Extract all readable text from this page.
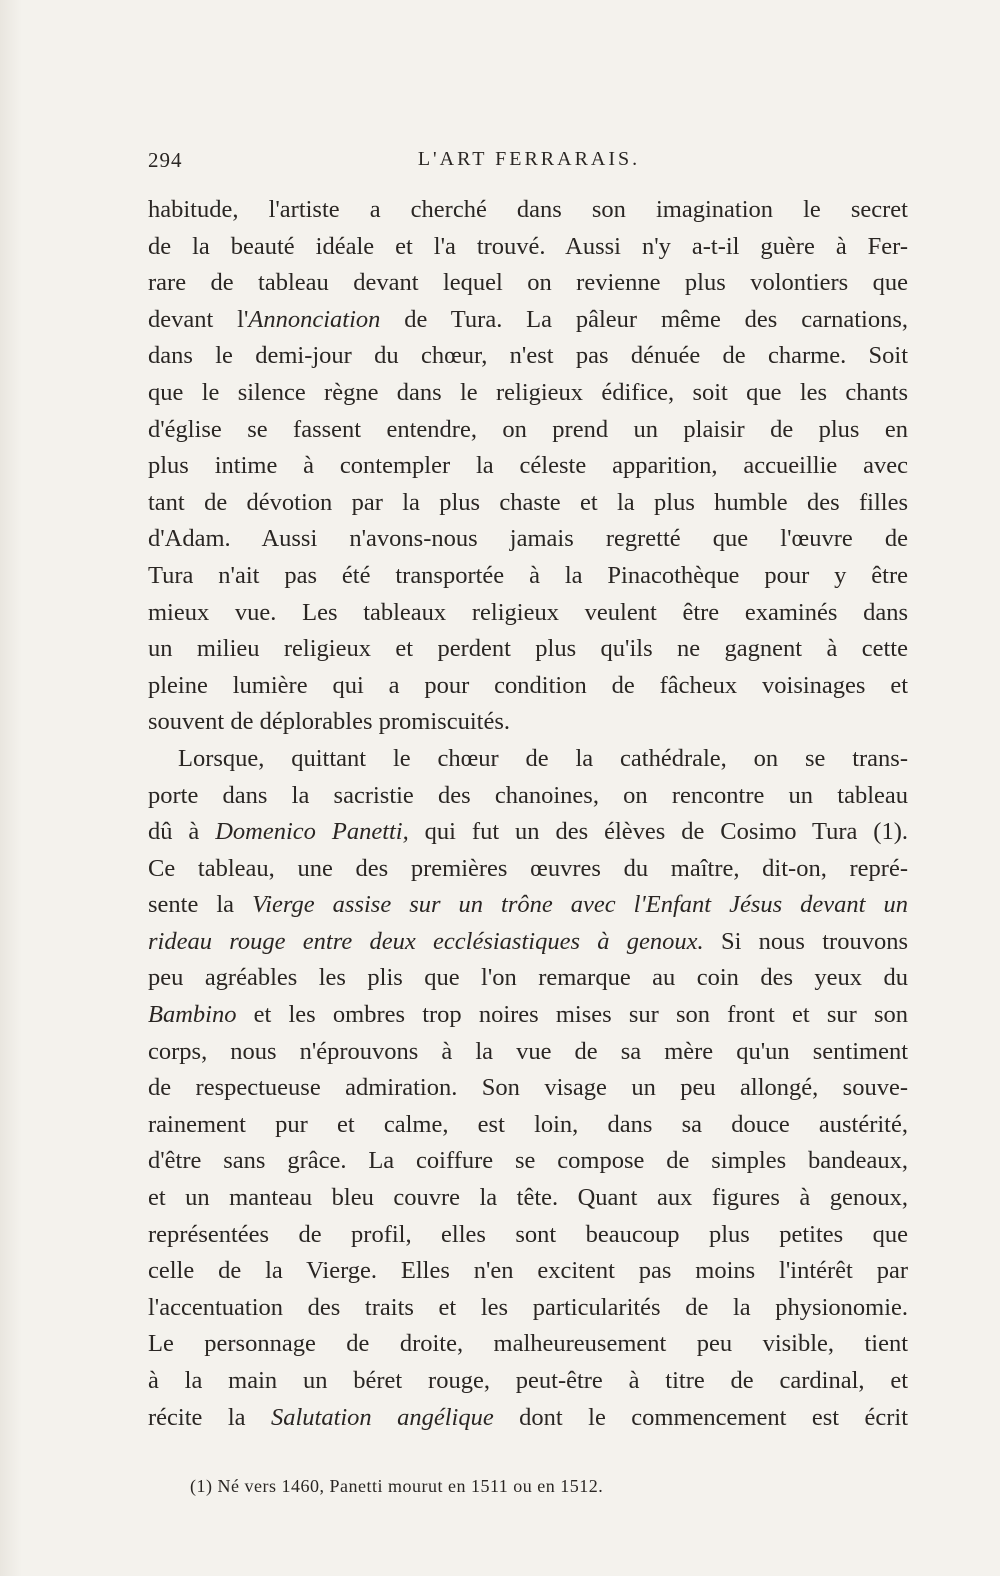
294	L'ART FERRARAIS.
habitude, l'artiste a cherché dans son imagination le secret
de la beauté idéale et l'a trouvé. Aussi n'y a-t-il guère à Fer-
rare de tableau devant lequel on revienne plus volontiers que
devant l'Annonciation de Tura. La pâleur même des carnations,
dans le demi-jour du chœur, n'est pas dénuée de charme. Soit
que le silence règne dans le religieux édifice, soit que les chants
d'église se fassent entendre, on prend un plaisir de plus en
plus intime à contempler la céleste apparition, accueillie avec
tant de dévotion par la plus chaste et la plus humble des filles
d'Adam. Aussi n'avons-nous jamais regretté que l'œuvre de
Tura n'ait pas été transportée à la Pinacothèque pour y être
mieux vue. Les tableaux religieux veulent être examinés dans
un milieu religieux et perdent plus qu'ils ne gagnent à cette
pleine lumière qui a pour condition de fâcheux voisinages et
souvent de déplorables promiscuités.
Lorsque, quittant le chœur de la cathédrale, on se trans-
porte dans la sacristie des chanoines, on rencontre un tableau
dû à Domenico Panetti, qui fut un des élèves de Cosimo Tura (1).
Ce tableau, une des premières œuvres du maître, dit-on, repré-
sente la Vierge assise sur un trône avec l'Enfant Jésus devant un
rideau rouge entre deux ecclésiastiques à genoux. Si nous trouvons
peu agréables les plis que l'on remarque au coin des yeux du
Bambino et les ombres trop noires mises sur son front et sur son
corps, nous n'éprouvons à la vue de sa mère qu'un sentiment
de respectueuse admiration. Son visage un peu allongé, souve-
rainement pur et calme, est loin, dans sa douce austérité,
d'être sans grâce. La coiffure se compose de simples bandeaux,
et un manteau bleu couvre la tête. Quant aux figures à genoux,
représentées de profil, elles sont beaucoup plus petites que
celle de la Vierge. Elles n'en excitent pas moins l'intérêt par
l'accentuation des traits et les particularités de la physionomie.
Le personnage de droite, malheureusement peu visible, tient
à la main un béret rouge, peut-être à titre de cardinal, et
récite la Salutation angélique dont le commencement est écrit
(1) Né vers 1460, Panetti mourut en 1511 ou en 1512.
